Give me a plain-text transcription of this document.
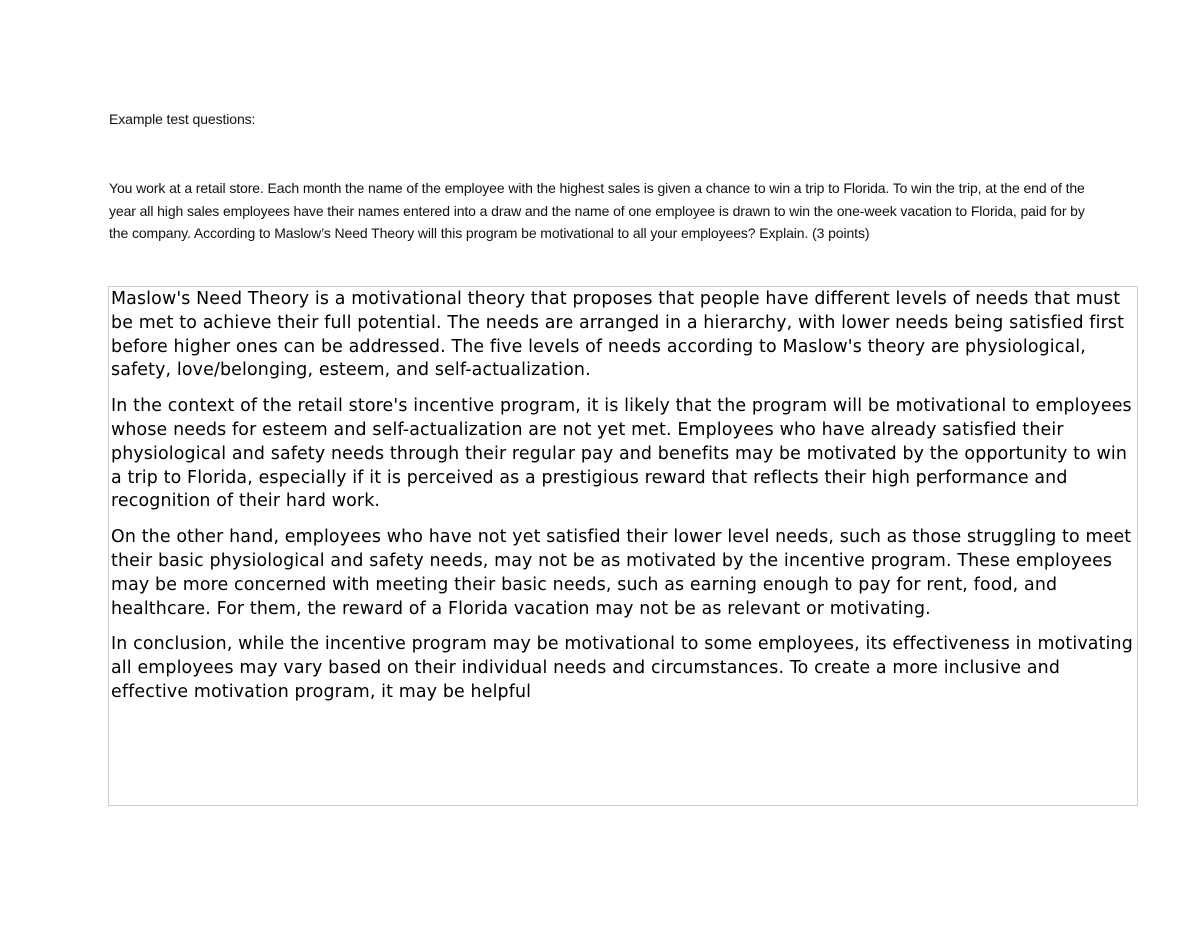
Example test questions:

You work at a retail store. Each month the name of the employee with the highest sales is given a chance to win a trip to Florida. To win the trip, at the end of the year all high sales employees have their names entered into a draw and the name of one employee is drawn to win the one-week vacation to Florida, paid for by the company. According to Maslow’s Need Theory will this program be motivational to all your employees? Explain. (3 points)

Maslow's Need Theory is a motivational theory that proposes that people have different levels of needs that must be met to achieve their full potential. The needs are arranged in a hierarchy, with lower needs being satisfied first before higher ones can be addressed. The five levels of needs according to Maslow's theory are physiological, safety, love/belonging, esteem, and self-actualization.

In the context of the retail store's incentive program, it is likely that the program will be motivational to employees whose needs for esteem and self-actualization are not yet met. Employees who have already satisfied their physiological and safety needs through their regular pay and benefits may be motivated by the opportunity to win a trip to Florida, especially if it is perceived as a prestigious reward that reflects their high performance and recognition of their hard work.

On the other hand, employees who have not yet satisfied their lower level needs, such as those struggling to meet their basic physiological and safety needs, may not be as motivated by the incentive program. These employees may be more concerned with meeting their basic needs, such as earning enough to pay for rent, food, and healthcare. For them, the reward of a Florida vacation may not be as relevant or motivating.

In conclusion, while the incentive program may be motivational to some employees, its effectiveness in motivating all employees may vary based on their individual needs and circumstances. To create a more inclusive and effective motivation program, it may be helpful
